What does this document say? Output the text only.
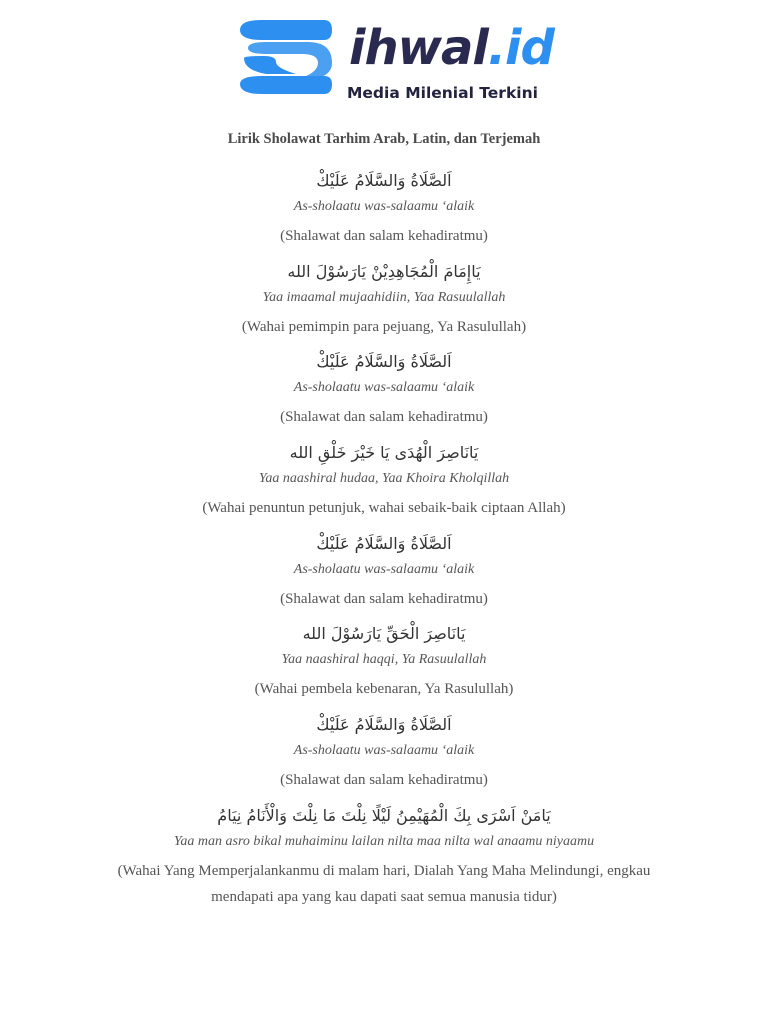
ihwal.id
Media Milenial Terkini
Lirik Sholawat Tarhim Arab, Latin, dan Terjemah
اَلصَّلَاةُ وَالسَّلَامُ عَلَيْكْ
As-sholaatu was-salaamu ‘alaik
(Shalawat dan salam kehadiratmu)
يَاإِمَامَ الْمُجَاهِدِيْنْ يَارَسُوْلَ الله
Yaa imaamal mujaahidiin, Yaa Rasuulallah
(Wahai pemimpin para pejuang, Ya Rasulullah)
اَلصَّلَاةُ وَالسَّلَامُ عَلَيْكْ
As-sholaatu was-salaamu ‘alaik
(Shalawat dan salam kehadiratmu)
يَانَاصِرَ الْهُدَى يَا خَيْرَ خَلْقِ الله
Yaa naashiral hudaa, Yaa Khoira Kholqillah
(Wahai penuntun petunjuk, wahai sebaik-baik ciptaan Allah)
اَلصَّلَاةُ وَالسَّلَامُ عَلَيْكْ
As-sholaatu was-salaamu ‘alaik
(Shalawat dan salam kehadiratmu)
يَانَاصِرَ الْحَقِّ يَارَسُوْلَ الله
Yaa naashiral haqqi, Ya Rasuulallah
(Wahai pembela kebenaran, Ya Rasulullah)
اَلصَّلَاةُ وَالسَّلَامُ عَلَيْكْ
As-sholaatu was-salaamu ‘alaik
(Shalawat dan salam kehadiratmu)
يَامَنْ اَسْرَى بِكَ الْمُهَيْمِنُ لَيْلًا نِلْتَ مَا نِلْتَ وَالْأَنَامُ نِيَامُ
Yaa man asro bikal muhaiminu lailan nilta maa nilta wal anaamu niyaamu
(Wahai Yang Memperjalankanmu di malam hari, Dialah Yang Maha Melindungi, engkau mendapati apa yang kau dapati saat semua manusia tidur)
